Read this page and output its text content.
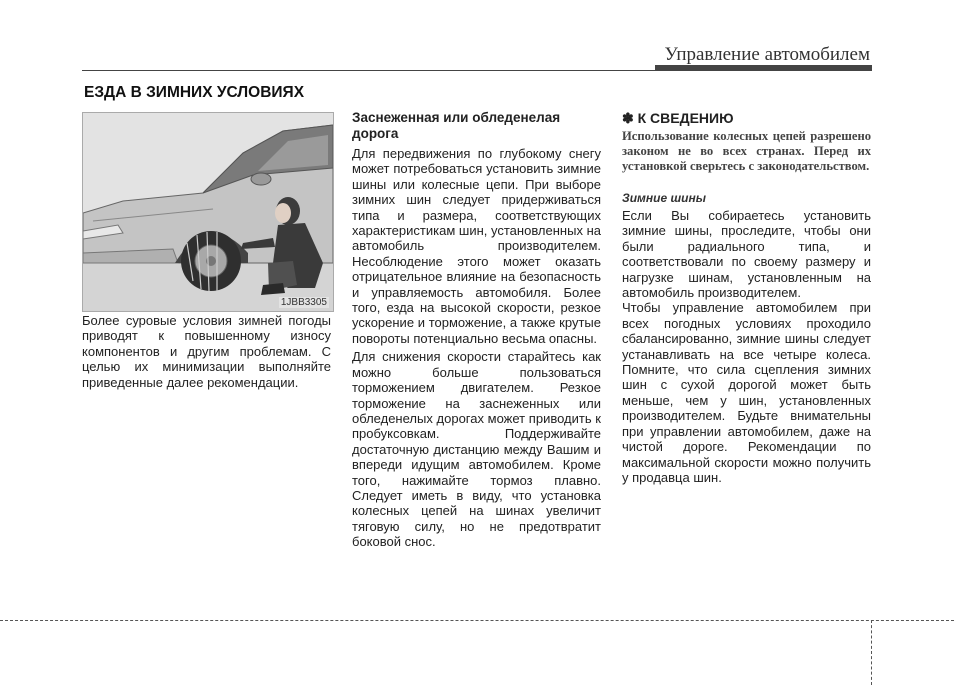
Управление автомобилем
ЕЗДА В ЗИМНИХ УСЛОВИЯХ
1JBB3305

Более суровые условия зимней погоды приводят к повышенному износу компонентов и другим проблемам. С целью их минимизации выполняйте приведенные далее рекомендации.

Заснеженная или обледенелая дорога

Для передвижения по глубокому снегу может потребоваться установить зимние шины или колесные цепи. При выборе зимних шин следует придерживаться типа и размера, соответствующих характеристикам шин, установленных на автомобиль производителем. Несоблюдение этого может оказать отрицательное влияние на безопасность и управляемость автомобиля. Более того, езда на высокой скорости, резкое ускорение и торможение, а также крутые повороты потенциально весьма опасны.

Для снижения скорости старайтесь как можно больше пользоваться торможением двигателем. Резкое торможение на заснеженных или обледенелых дорогах может приводить к пробуксовкам. Поддерживайте достаточную дистанцию между Вашим и впереди идущим автомобилем. Кроме того, нажимайте тормоз плавно. Следует иметь в виду, что установка колесных цепей на шинах увеличит тяговую силу, но не предотвратит боковой снос.

✽ К СВЕДЕНИЮ
Использование колесных цепей разрешено законом не во всех странах. Перед их установкой сверьтесь с законодательством.
Зимние шины

Если Вы собираетесь установить зимние шины, проследите, чтобы они были радиального типа, и соответствовали по своему размеру и нагрузке шинам, установленным на автомобиль производителем.

Чтобы управление автомобилем при всех погодных условиях проходило сбалансированно, зимние шины следует устанавливать на все четыре колеса. Помните, что сила сцепления зимних шин с сухой дорогой может быть меньше, чем у шин, установленных производителем. Будьте внимательны при управлении автомобилем, даже на чистой дороге. Рекомендации по максимальной скорости можно получить у продавца шин.
